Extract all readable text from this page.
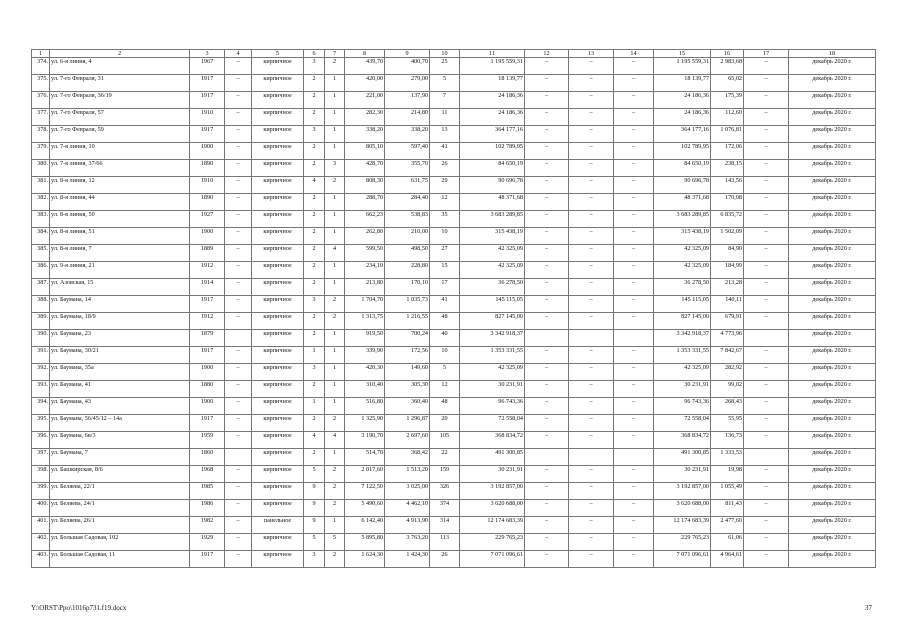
1	2	3	4	5	6	7	8	9	10	11	12	13	14	15	16	17	18
374.	ул. 6-я линия, 4	1967	–	кирпичное	3	2	439,70	400,70	25	1 195 559,31	–	–	–	1 195 559,31	2 983,68	–	декабрь 2020 г.
375.	ул. 7-го Февраля, 31	1917	–	кирпичное	2	1	420,00	279,00	5	18 139,77	–	–	–	18 139,77	65,02	–	декабрь 2020 г.
376.	ул. 7-го Февраля, 36/19	1917	–	кирпичное	2	1	221,00	137,90	7	24 186,36	–	–	–	24 186,36	175,39	–	декабрь 2020 г.
377.	ул. 7-го Февраля, 57	1910	–	кирпичное	2	1	282,30	214,80	11	24 186,36	–	–	–	24 186,36	112,60	–	декабрь 2020 г.
378.	ул. 7-го Февраля, 59	1917	–	кирпичное	3	1	338,20	338,20	13	364 177,16	–	–	–	364 177,16	1 076,81	–	декабрь 2020 г.
379.	ул. 7-я линия, 10	1900	–	кирпичное	2	1	805,10	597,40	41	102 789,95	–	–	–	102 789,95	172,06	–	декабрь 2020 г.
380.	ул. 7-я линия, 37/66	1890	–	кирпичное	2	3	428,70	355,70	26	84 650,19	–	–	–	84 650,19	238,15	–	декабрь 2020 г.
381.	ул. 8-я линия, 12	1910	–	кирпичное	4	2	808,30	631,75	29	90 696,78	–	–	–	90 696,78	143,56	–	декабрь 2020 г.
382.	ул. 8-я линия, 44	1890	–	кирпичное	2	1	288,70	284,40	12	48 371,68	–	–	–	48 371,68	170,08	–	декабрь 2020 г.
383.	ул. 8-я линия, 50	1927	–	кирпичное	2	1	662,23	538,83	35	3 683 289,85	–	–	–	3 683 289,85	6 835,72	–	декабрь 2020 г.
384.	ул. 8-я линия, 51	1900	–	кирпичное	2	1	262,80	210,00	10	315 438,19	–	–	–	315 438,19	1 502,09	–	декабрь 2020 г.
385.	ул. 8-я линия, 7	1889	–	кирпичное	2	4	599,50	498,50	27	42 325,09	–	–	–	42 325,09	84,90	–	декабрь 2020 г.
386.	ул. 9-я линия, 21	1912	–	кирпичное	2	1	234,10	228,80	15	42 325,09	–	–	–	42 325,09	184,99	–	декабрь 2020 г.
387.	ул. Азовская, 15	1914	–	кирпичное	2	1	213,80	170,10	17	36 278,50	–	–	–	36 278,50	213,28	–	декабрь 2020 г.
388.	ул. Баумана, 14	1917	–	кирпичное	3	2	1 704,70	1 035,73	41	145 115,05	–	–	–	145 115,05	140,11	–	декабрь 2020 г.
389.	ул. Баумана, 18/9	1912	–	кирпичное	2	2	1 313,75	1 216,55	48	827 145,00	–	–	–	827 145,00	679,91	–	декабрь 2020 г.
390.	ул. Баумана, 23	1879		кирпичное	2	1	919,50	700,24	40	3 342 918,37				3 342 918,37	4 773,96		декабрь 2020 г.
391.	ул. Баумана, 30/21	1917	–	кирпичное	1	1	339,90	172,56	10	1 353 331,55	–	–	–	1 353 331,55	7 842,67	–	декабрь 2020 г.
392.	ул. Баумана, 35а	1900	–	кирпичное	3	1	420,30	149,60	5	42 325,09	–	–	–	42 325,09	282,92	–	декабрь 2020 г.
393.	ул. Баумана, 41	1880	–	кирпичное	2	1	310,40	305,30	12	30 231,91	–	–	–	30 231,91	99,02	–	декабрь 2020 г.
394.	ул. Баумана, 43	1900	–	кирпичное	1	1	516,80	360,40	48	96 743,36	–	–	–	96 743,36	268,43	–	декабрь 2020 г.
395.	ул. Баумана, 56/45/12 – 14а	1917	–	кирпичное	2	2	1 325,90	1 296,87	20	72 558,04	–	–	–	72 558,04	55,95	–	декабрь 2020 г.
396.	ул. Баумана, 6в/3	1959	–	кирпичное	4	4	3 190,70	2 697,60	105	368 834,72	–	–	–	368 834,72	136,73	–	декабрь 2020 г.
397.	ул. Баумана, 7	1860		кирпичное	2	1	514,70	368,42	22	491 300,85				491 300,85	1 333,53		декабрь 2020 г.
398.	ул. Башкирская, 8/6	1968	–	кирпичное	5	2	2 017,60	1 513,20	159	30 231,91	–	–	–	30 231,91	19,98	–	декабрь 2020 г.
399.	ул. Беляева, 22/1	1985	–	кирпичное	9	2	7 122,50	3 025,00	326	3 192 857,00	–	–	–	3 192 857,00	1 055,49	–	декабрь 2020 г.
400.	ул. Беляева, 24/1	1986	–	кирпичное	9	2	5 490,60	4 462,10	374	3 620 688,00	–	–	–	3 620 688,00	811,43	–	декабрь 2020 г.
401.	ул. Беляева, 26/1	1982	–	панельное	9	1	6 142,40	4 913,90	314	12 174 683,39	–	–	–	12 174 683,39	2 477,60	–	декабрь 2020 г.
402.	ул. Большая Садовая, 102	1929	–	кирпичное	5	5	5 895,80	3 763,20	113	229 765,23	–	–	–	229 765,23	61,06	–	декабрь 2020 г.
403.	ул. Большая Садовая, 11	1917	–	кирпичное	3	2	1 624,30	1 424,30	26	7 071 096,61	–	–	–	7 071 096,61	4 964,61	–	декабрь 2020 г.
Y:\ORST\Ppo\1016p731.f19.docx	37
